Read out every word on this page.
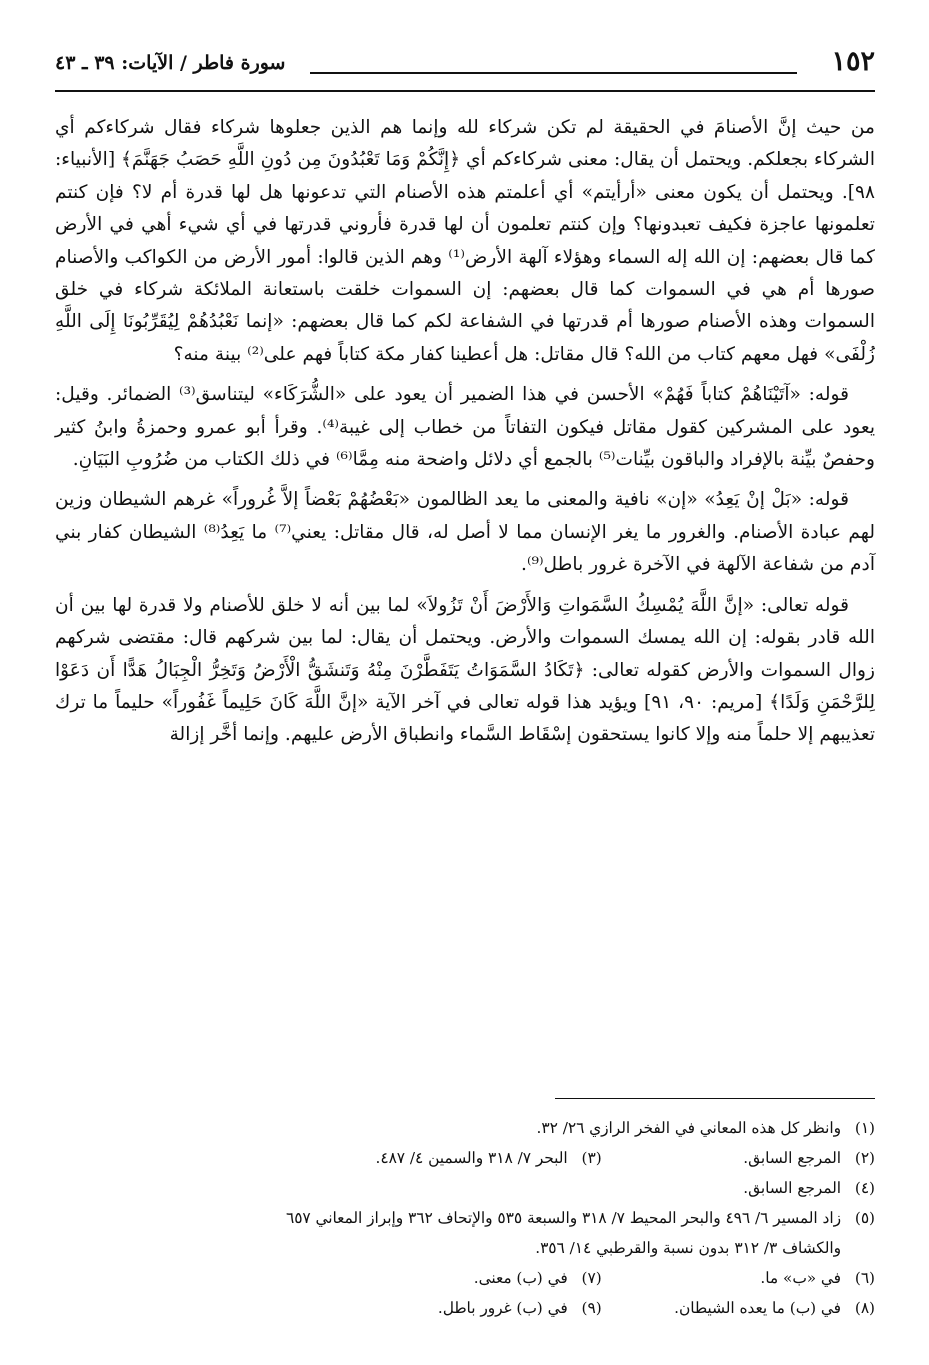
١٥٢
سورة فاطر / الآيات: ٣٩ ـ ٤٣

من حيث إنَّ الأصنامَ في الحقيقة لم تكن شركاء لله وإنما هم الذين جعلوها شركاء فقال شركاءكم أي الشركاء بجعلكم. ويحتمل أن يقال: معنى شركاءكم أي ﴿إِنَّكُمْ وَمَا تَعْبُدُونَ مِن دُونِ اللَّهِ حَصَبُ جَهَنَّمَ﴾ [الأنبياء: ٩٨]. ويحتمل أن يكون معنى «أرأيتم» أي أعلمتم هذه الأصنام التي تدعونها هل لها قدرة أم لا؟ فإن كنتم تعلمونها عاجزة فكيف تعبدونها؟ وإن كنتم تعلمون أن لها قدرة فأروني قدرتها في أي شيء أهي في الأرض كما قال بعضهم: إن الله إله السماء وهؤلاء آلهة الأرض⁽¹⁾ وهم الذين قالوا: أمور الأرض من الكواكب والأصنام صورها أم هي في السموات كما قال بعضهم: إن السموات خلقت باستعانة الملائكة شركاء في خلق السموات وهذه الأصنام صورها أم قدرتها في الشفاعة لكم كما قال بعضهم: «إنما نَعْبُدُهُمْ لِيُقَرِّبُونَا إِلَى اللَّهِ زُلْفَى» فهل معهم كتاب من الله؟ قال مقاتل: هل أعطينا كفار مكة كتاباً فهم على⁽²⁾ بينة منه؟

قوله: «آتَيْنَاهُمْ كتاباً فَهُمْ» الأحسن في هذا الضمير أن يعود على «الشُّرَكَاء» ليتناسق⁽³⁾ الضمائر. وقيل: يعود على المشركين كقول مقاتل فيكون التفاتاً من خطاب إلى غيبة⁽⁴⁾. وقرأ أبو عمرو وحمزةُ وابنُ كثير وحفصٌ بيِّنة بالإفراد والباقون بيِّنات⁽⁵⁾ بالجمع أي دلائل واضحة منه مِمَّا⁽⁶⁾ في ذلك الكتاب من ضُرُوبِ البَيَانِ.

قوله: «بَلْ إنْ يَعِدُ» «إن» نافية والمعنى ما يعد الظالمون «بَعْضُهُمْ بَعْضاً إلاَّ غُروراً» غرهم الشيطان وزين لهم عبادة الأصنام. والغرور ما يغر الإنسان مما لا أصل له، قال مقاتل: يعني⁽⁷⁾ ما يَعِدُ⁽⁸⁾ الشيطان كفار بني آدم من شفاعة الآلهة في الآخرة غرور باطل⁽⁹⁾.

قوله تعالى: «إنَّ اللَّهَ يُمْسِكُ السَّمَواتِ وَالأَرْضَ أَنْ تَزُولاَ» لما بين أنه لا خلق للأصنام ولا قدرة لها بين أن الله قادر بقوله: إن الله يمسك السموات والأرض. ويحتمل أن يقال: لما بين شركهم قال: مقتضى شركهم زوال السموات والأرض كقوله تعالى: ﴿تَكَادُ السَّمَوَاتُ يَتَفَطَّرْنَ مِنْهُ وَتَنشَقُّ الْأَرْضُ وَتَخِرُّ الْجِبَالُ هَدًّا أَن دَعَوْا لِلرَّحْمَنِ وَلَدًا﴾ [مريم: ٩٠، ٩١] ويؤيد هذا قوله تعالى في آخر الآية «إنَّ اللَّهَ كَانَ حَلِيماً غَفُوراً» حليماً ما ترك تعذيبهم إلا حلماً منه وإلا كانوا يستحقون إسْقَاط السَّماء وانطباق الأرض عليهم. وإنما أخَّر إزالة

(١)وانظر كل هذه المعاني في الفخر الرازي ٢٦/ ٣٢.
(٢)المرجع السابق.
(٣)البحر ٧/ ٣١٨ والسمين ٤/ ٤٨٧.
(٤)المرجع السابق.
(٥)زاد المسير ٦/ ٤٩٦ والبحر المحيط ٧/ ٣١٨ والسبعة ٥٣٥ والإتحاف ٣٦٢ وإبراز المعاني ٦٥٧
والكشاف ٣/ ٣١٢ بدون نسبة والقرطبي ١٤/ ٣٥٦.
(٦)في «ب» ما.
(٧)في (ب) معنى.
(٨)في (ب) ما يعده الشيطان.
(٩)في (ب) غرور باطل.
